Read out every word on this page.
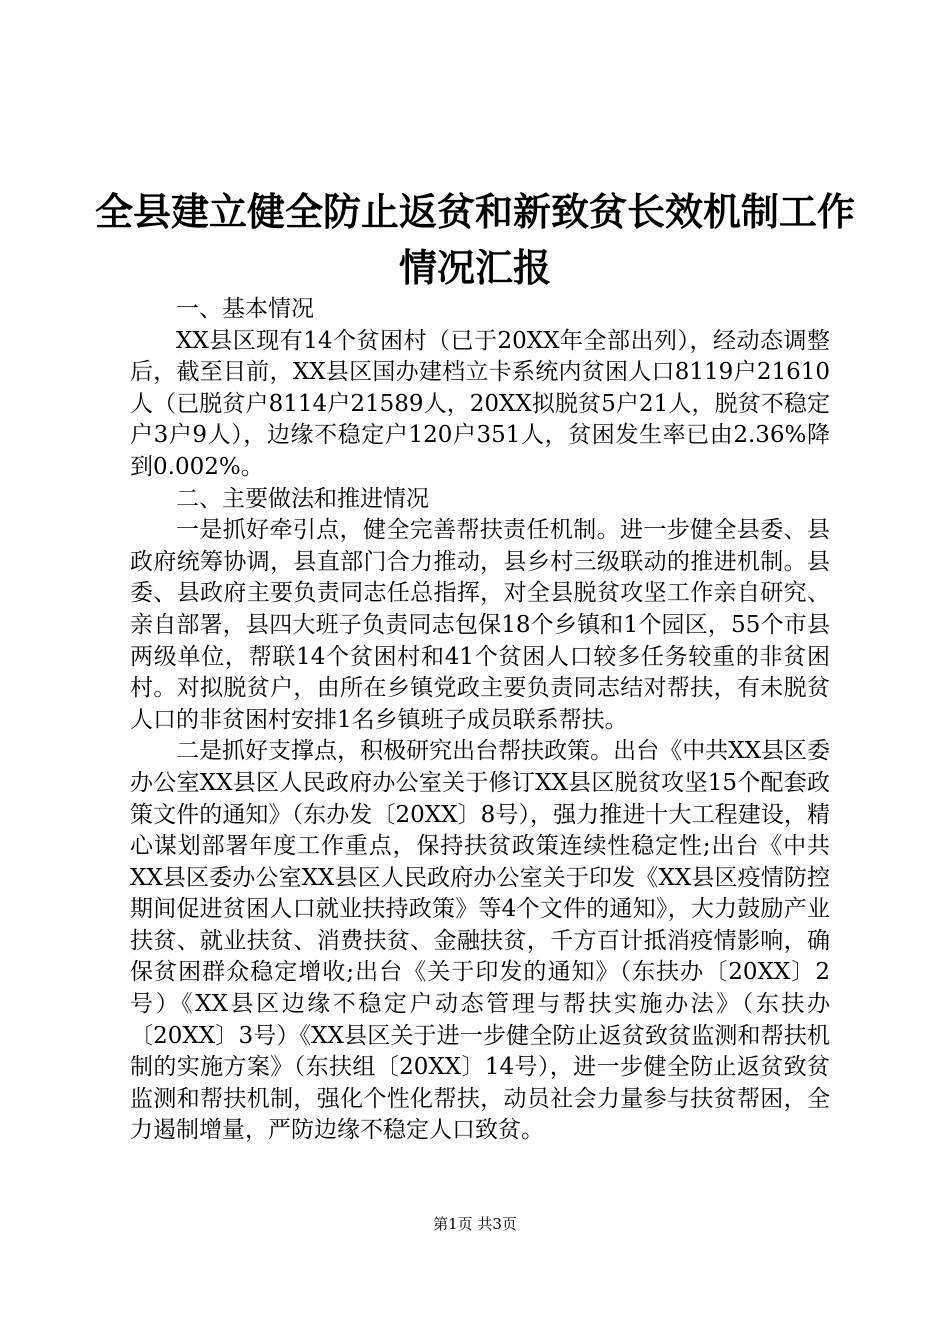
全县建立健全防止返贫和新致贫长效机制工作
情况汇报

一、基本情况

XX县区现有14个贫困村（已于20XX年全部出列），经动态调整后，截至目前，XX县区国办建档立卡系统内贫困人口8119户21610人（已脱贫户8114户21589人，20XX拟脱贫5户21人，脱贫不稳定户3户9人），边缘不稳定户120户351人，贫困发生率已由2.36%降到0.002%。

二、主要做法和推进情况

一是抓好牵引点，健全完善帮扶责任机制。进一步健全县委、县政府统筹协调，县直部门合力推动，县乡村三级联动的推进机制。县委、县政府主要负责同志任总指挥，对全县脱贫攻坚工作亲自研究、亲自部署，县四大班子负责同志包保18个乡镇和1个园区，55个市县两级单位，帮联14个贫困村和41个贫困人口较多任务较重的非贫困村。对拟脱贫户，由所在乡镇党政主要负责同志结对帮扶，有未脱贫人口的非贫困村安排1名乡镇班子成员联系帮扶。

二是抓好支撑点，积极研究出台帮扶政策。出台《中共XX县区委办公室XX县区人民政府办公室关于修订XX县区脱贫攻坚15个配套政策文件的通知》（东办发〔20XX〕8号），强力推进十大工程建设，精心谋划部署年度工作重点，保持扶贫政策连续性稳定性;出台《中共XX县区委办公室XX县区人民政府办公室关于印发《XX县区疫情防控期间促进贫困人口就业扶持政策》等4个文件的通知》，大力鼓励产业扶贫、就业扶贫、消费扶贫、金融扶贫，千方百计抵消疫情影响，确保贫困群众稳定增收;出台《关于印发的通知》（东扶办〔20XX〕2号）《XX县区边缘不稳定户动态管理与帮扶实施办法》（东扶办〔20XX〕3号）《XX县区关于进一步健全防止返贫致贫监测和帮扶机制的实施方案》（东扶组〔20XX〕14号），进一步健全防止返贫致贫监测和帮扶机制，强化个性化帮扶，动员社会力量参与扶贫帮困，全力遏制增量，严防边缘不稳定人口致贫。

第1页 共3页
